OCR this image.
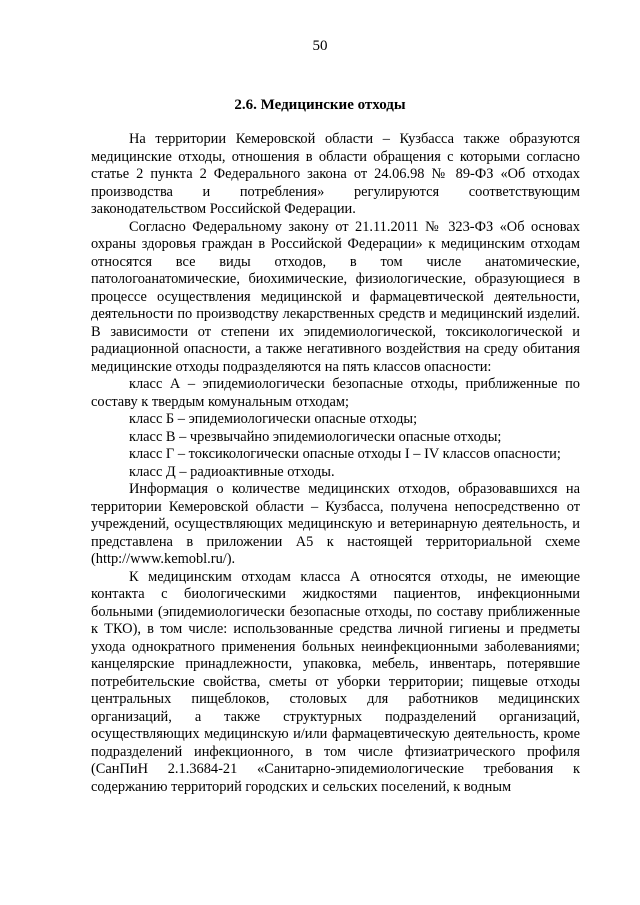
50
2.6. Медицинские отходы

На территории Кемеровской области – Кузбасса также образуются медицинские отходы, отношения в области обращения с которыми согласно статье 2 пункта 2 Федерального закона от 24.06.98 № 89-ФЗ «Об отходах производства и потребления» регулируются соответствующим законодательством Российской Федерации.

Согласно Федеральному закону от 21.11.2011 № 323-ФЗ «Об основах охраны здоровья граждан в Российской Федерации» к медицинским отходам относятся все виды отходов, в том числе анатомические, патологоанатомические, биохимические, физиологические, образующиеся в процессе осуществления медицинской и фармацевтической деятельности, деятельности по производству лекарственных средств и медицинский изделий. В зависимости от степени их эпидемиологической, токсикологической и радиационной опасности, а также негативного воздействия на среду обитания медицинские отходы подразделяются на пять классов опасности:

класс А – эпидемиологически безопасные отходы, приближенные по составу к твердым комунальным отходам;

класс Б – эпидемиологически опасные отходы;

класс В – чрезвычайно эпидемиологически опасные отходы;

класс Г – токсикологически опасные отходы I – IV классов опасности;

класс Д – радиоактивные отходы.

Информация о количестве медицинских отходов, образовавшихся на территории Кемеровской области – Кузбасса, получена непосредственно от учреждений, осуществляющих медицинскую и ветеринарную деятельность, и представлена в приложении А5 к настоящей территориальной схеме (http://www.kemobl.ru/).

К медицинским отходам класса А относятся отходы, не имеющие контакта с биологическими жидкостями пациентов, инфекционными больными (эпидемиологически безопасные отходы, по составу приближенные к ТКО), в том числе: использованные средства личной гигиены и предметы ухода однократного применения больных неинфекционными заболеваниями; канцелярские принадлежности, упаковка, мебель, инвентарь, потерявшие потребительские свойства, сметы от уборки территории; пищевые отходы центральных пищеблоков, столовых для работников медицинских организаций, а также структурных подразделений организаций, осуществляющих медицинскую и/или фармацевтическую деятельность, кроме подразделений инфекционного, в том числе фтизиатрического профиля (СанПиН 2.1.3684-21 «Санитарно-эпидемиологические требования к содержанию территорий городских и сельских поселений, к водным
